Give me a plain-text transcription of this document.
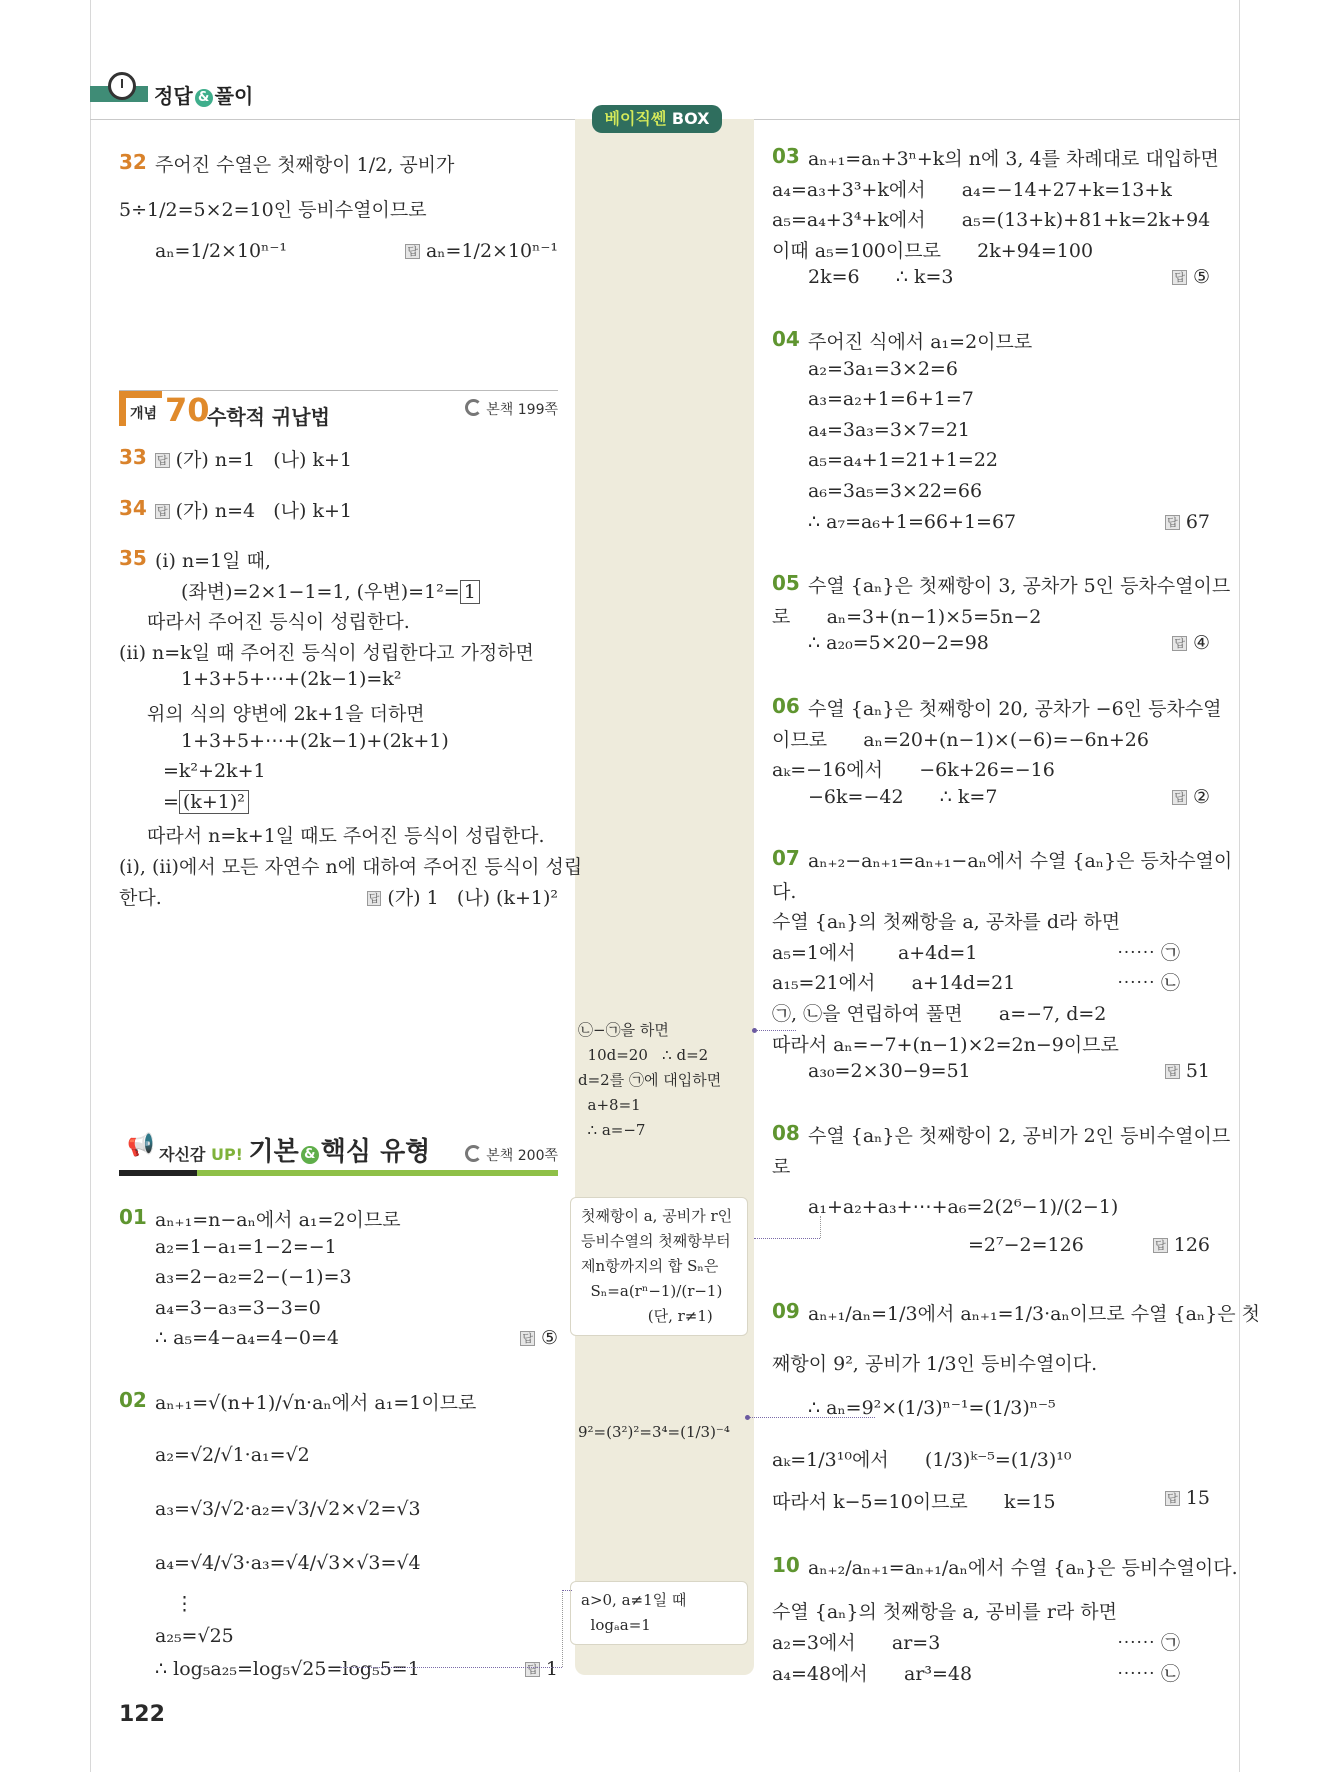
정답 & 풀이
베이직쎈 BOX
개념 70
수학적 귀납법	본책 199쪽
📢 자신감 UP! 기본 & 핵심 유형	본책 200쪽
122
32 주어진 수열은 첫째항이 1/2, 공비가
5÷1/2=5×2=10인 등비수열이므로
aₙ=1/2×10ⁿ⁻¹	답 aₙ=1/2×10ⁿ⁻¹
33 답 (가) n=1   (나) k+1
34 답 (가) n=4   (나) k+1
35 (i) n=1일 때,
(좌변)=2×1−1=1, (우변)=1²= 1
따라서 주어진 등식이 성립한다.
(ii) n=k일 때 주어진 등식이 성립한다고 가정하면
1+3+5+⋯+(2k−1)=k²
위의 식의 양변에 2k+1을 더하면
1+3+5+⋯+(2k−1)+(2k+1)
=k²+2k+1
= (k+1)²
따라서 n=k+1일 때도 주어진 등식이 성립한다.
(i), (ii)에서 모든 자연수 n에 대하여 주어진 등식이 성립
한다.	답 (가) 1   (나) (k+1)²
01 aₙ₊₁=n−aₙ에서 a₁=2이므로
a₂=1−a₁=1−2=−1
a₃=2−a₂=2−(−1)=3
a₄=3−a₃=3−3=0
∴ a₅=4−a₄=4−0=4	답 ⑤
02 aₙ₊₁=√(n+1)/√n·aₙ에서 a₁=1이므로
a₂=√2/√1·a₁=√2
a₃=√3/√2·a₂=√3/√2×√2=√3
a₄=√4/√3·a₃=√4/√3×√3=√4
⋮
a₂₅=√25
∴ log₅a₂₅=log₅√25=log₅5=1	답 1
03 aₙ₊₁=aₙ+3ⁿ+k의 n에 3, 4를 차례대로 대입하면
a₄=a₃+3³+k에서      a₄=−14+27+k=13+k
a₅=a₄+3⁴+k에서      a₅=(13+k)+81+k=2k+94
이때 a₅=100이므로      2k+94=100
2k=6      ∴ k=3	답 ⑤
04 주어진 식에서 a₁=2이므로
a₂=3a₁=3×2=6
a₃=a₂+1=6+1=7
a₄=3a₃=3×7=21
a₅=a₄+1=21+1=22
a₆=3a₅=3×22=66
∴ a₇=a₆+1=66+1=67	답 67
05 수열 {aₙ}은 첫째항이 3, 공차가 5인 등차수열이므
로      aₙ=3+(n−1)×5=5n−2
∴ a₂₀=5×20−2=98	답 ④
06 수열 {aₙ}은 첫째항이 20, 공차가 −6인 등차수열
이므로      aₙ=20+(n−1)×(−6)=−6n+26
aₖ=−16에서      −6k+26=−16
−6k=−42      ∴ k=7	답 ②
07 aₙ₊₂−aₙ₊₁=aₙ₊₁−aₙ에서 수열 {aₙ}은 등차수열이
다.
수열 {aₙ}의 첫째항을 a, 공차를 d라 하면
a₅=1에서       a+4d=1	⋯⋯ ㉠
a₁₅=21에서      a+14d=21	⋯⋯ ㉡
㉠, ㉡을 연립하여 풀면      a=−7, d=2
따라서 aₙ=−7+(n−1)×2=2n−9이므로
a₃₀=2×30−9=51	답 51
08 수열 {aₙ}은 첫째항이 2, 공비가 2인 등비수열이므
로
a₁+a₂+a₃+⋯+a₆=2(2⁶−1)/(2−1)
=2⁷−2=126	답 126
09 aₙ₊₁/aₙ=1/3에서 aₙ₊₁=1/3·aₙ이므로 수열 {aₙ}은 첫
째항이 9², 공비가 1/3인 등비수열이다.
∴ aₙ=9²×(1/3)ⁿ⁻¹=(1/3)ⁿ⁻⁵
aₖ=1/3¹⁰에서      (1/3)ᵏ⁻⁵=(1/3)¹⁰
따라서 k−5=10이므로      k=15	답 15
10 aₙ₊₂/aₙ₊₁=aₙ₊₁/aₙ에서 수열 {aₙ}은 등비수열이다.
수열 {aₙ}의 첫째항을 a, 공비를 r라 하면
a₂=3에서      ar=3	⋯⋯ ㉠
a₄=48에서      ar³=48	⋯⋯ ㉡
㉡−㉠을 하면
10d=20   ∴ d=2
d=2를 ㉠에 대입하면
a+8=1
∴ a=−7
첫째항이 a, 공비가 r인
등비수열의 첫째항부터
제n항까지의 합 Sₙ은
Sₙ=a(rⁿ−1)/(r−1)
(단, r≠1)
9²=(3²)²=3⁴=(1/3)⁻⁴
a>0, a≠1일 때
logₐa=1
